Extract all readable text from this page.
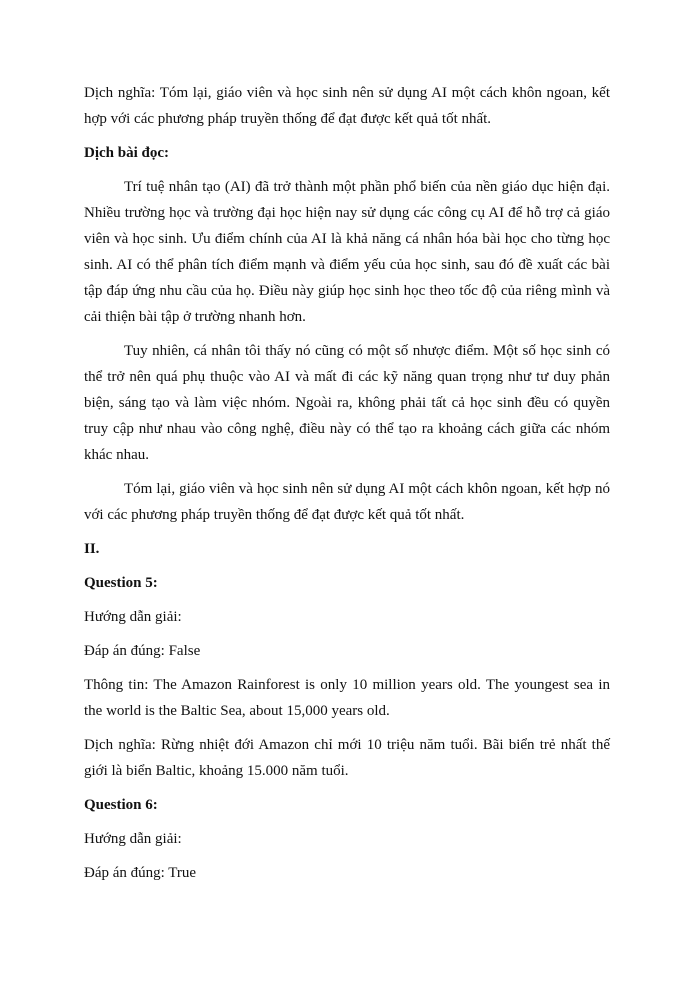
Dịch nghĩa: Tóm lại, giáo viên và học sinh nên sử dụng AI một cách khôn ngoan, kết hợp với các phương pháp truyền thống để đạt được kết quả tốt nhất.

Dịch bài đọc:

Trí tuệ nhân tạo (AI) đã trở thành một phần phổ biến của nền giáo dục hiện đại. Nhiều trường học và trường đại học hiện nay sử dụng các công cụ AI để hỗ trợ cả giáo viên và học sinh. Ưu điểm chính của AI là khả năng cá nhân hóa bài học cho từng học sinh. AI có thể phân tích điểm mạnh và điểm yếu của học sinh, sau đó đề xuất các bài tập đáp ứng nhu cầu của họ. Điều này giúp học sinh học theo tốc độ của riêng mình và cải thiện bài tập ở trường nhanh hơn.

Tuy nhiên, cá nhân tôi thấy nó cũng có một số nhược điểm. Một số học sinh có thể trở nên quá phụ thuộc vào AI và mất đi các kỹ năng quan trọng như tư duy phản biện, sáng tạo và làm việc nhóm. Ngoài ra, không phải tất cả học sinh đều có quyền truy cập như nhau vào công nghệ, điều này có thể tạo ra khoảng cách giữa các nhóm khác nhau.

Tóm lại, giáo viên và học sinh nên sử dụng AI một cách khôn ngoan, kết hợp nó với các phương pháp truyền thống để đạt được kết quả tốt nhất.

II.

Question 5:

Hướng dẫn giải:

Đáp án đúng: False

Thông tin: The Amazon Rainforest is only 10 million years old. The youngest sea in the world is the Baltic Sea, about 15,000 years old.

Dịch nghĩa: Rừng nhiệt đới Amazon chỉ mới 10 triệu năm tuổi. Bãi biển trẻ nhất thế giới là biển Baltic, khoảng 15.000 năm tuổi.

Question 6:

Hướng dẫn giải:

Đáp án đúng: True
